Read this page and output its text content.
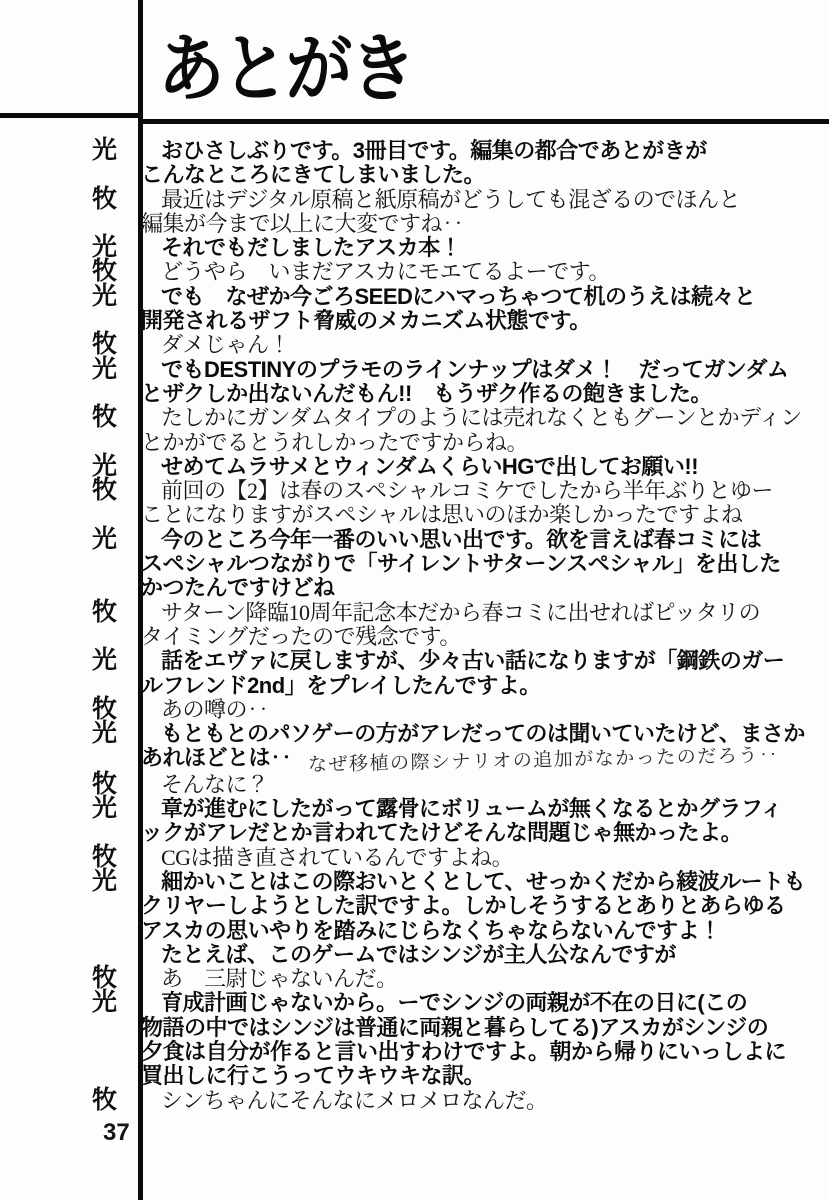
あとがき
光	おひさしぶりです。3冊目です。編集の都合であとがきが
こんなところにきてしまいました。
牧	最近はデジタル原稿と紙原稿がどうしても混ざるのでほんと
編集が今まで以上に大変ですね‥
光	それでもだしましたアスカ本！
牧	どうやら　いまだアスカにモエてるよーです。
光	でも　なぜか今ごろSEEDにハマっちゃつて机のうえは続々と
開発されるザフト脅威のメカニズム状態です。
牧	ダメじゃん！
光	でもDESTINYのプラモのラインナップはダメ！　だってガンダム
とザクしか出ないんだもん!!　もうザク作るの飽きました。
牧	たしかにガンダムタイプのようには売れなくともグーンとかディン
とかがでるとうれしかったですからね。
光	せめてムラサメとウィンダムくらいHGで出してお願い!!
牧	前回の【2】は春のスペシャルコミケでしたから半年ぶりとゆー
ことになりますがスペシャルは思いのほか楽しかったですよね
光	今のところ今年一番のいい思い出です。欲を言えば春コミには
スペシャルつながりで「サイレントサターンスペシャル」を出した
かつたんですけどね
牧	サターン降臨10周年記念本だから春コミに出せればピッタリの
タイミングだったので残念です。
光	話をエヴァに戻しますが、少々古い話になりますが「鋼鉄のガー
ルフレンド2nd」をプレイしたんですよ。
牧	あの噂の‥
光	もともとのパソゲーの方がアレだってのは聞いていたけど、まさか
あれほどとは‥ なぜ移植の際シナリオの追加がなかったのだろう‥
牧	そんなに？
光	章が進むにしたがって露骨にボリュームが無くなるとかグラフィ
ックがアレだとか言われてたけどそんな問題じゃ無かったよ。
牧	CGは描き直されているんですよね。
光	細かいことはこの際おいとくとして、せっかくだから綾波ルートも
クリヤーしようとした訳ですよ。しかしそうするとありとあらゆる
アスカの思いやりを踏みにじらなくちゃならないんですよ！
たとえば、このゲームではシンジが主人公なんですが
牧	あ　三尉じゃないんだ。
光	育成計画じゃないから。ーでシンジの両親が不在の日に(この
物語の中ではシンジは普通に両親と暮らしてる)アスカがシンジの
夕食は自分が作ると言い出すわけですよ。朝から帰りにいっしよに
買出しに行こうってウキウキな訳。
牧	シンちゃんにそんなにメロメロなんだ。
37
